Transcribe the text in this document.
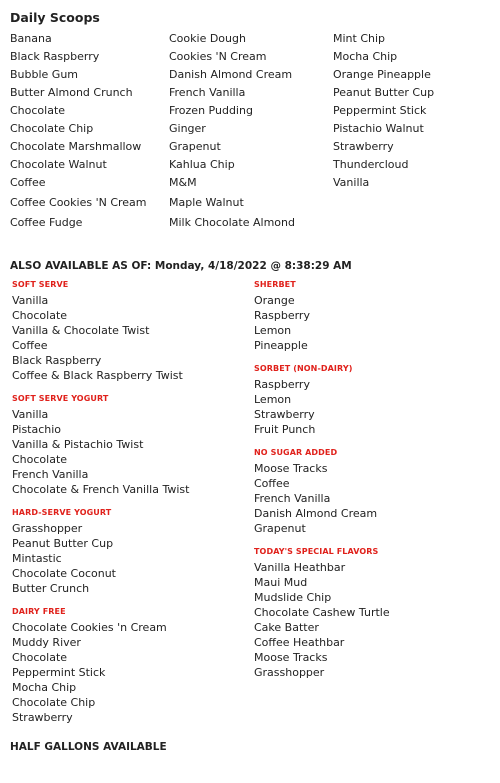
Daily Scoops
Banana
Black Raspberry
Bubble Gum
Butter Almond Crunch
Chocolate
Chocolate Chip
Chocolate Marshmallow
Chocolate Walnut
Coffee
Coffee Cookies 'N Cream
Coffee Fudge
Cookie Dough
Cookies 'N Cream
Danish Almond Cream
French Vanilla
Frozen Pudding
Ginger
Grapenut
Kahlua Chip
M&M
Maple Walnut
Milk Chocolate Almond
Mint Chip
Mocha Chip
Orange Pineapple
Peanut Butter Cup
Peppermint Stick
Pistachio Walnut
Strawberry
Thundercloud
Vanilla
ALSO AVAILABLE AS OF: Monday, 4/18/2022 @ 8:38:29 AM
SOFT SERVE
Vanilla
Chocolate
Vanilla & Chocolate Twist
Coffee
Black Raspberry
Coffee & Black Raspberry Twist
SOFT SERVE YOGURT
Vanilla
Pistachio
Vanilla & Pistachio Twist
Chocolate
French Vanilla
Chocolate & French Vanilla Twist
HARD-SERVE YOGURT
Grasshopper
Peanut Butter Cup
Mintastic
Chocolate Coconut
Butter Crunch
DAIRY FREE
Chocolate Cookies 'n Cream
Muddy River
Chocolate
Peppermint Stick
Mocha Chip
Chocolate Chip
Strawberry
SHERBET
Orange
Raspberry
Lemon
Pineapple
SORBET (NON-DAIRY)
Raspberry
Lemon
Strawberry
Fruit Punch
NO SUGAR ADDED
Moose Tracks
Coffee
French Vanilla
Danish Almond Cream
Grapenut
TODAY'S SPECIAL FLAVORS
Vanilla Heathbar
Maui Mud
Mudslide Chip
Chocolate Cashew Turtle
Cake Batter
Coffee Heathbar
Moose Tracks
Grasshopper
HALF GALLONS AVAILABLE
